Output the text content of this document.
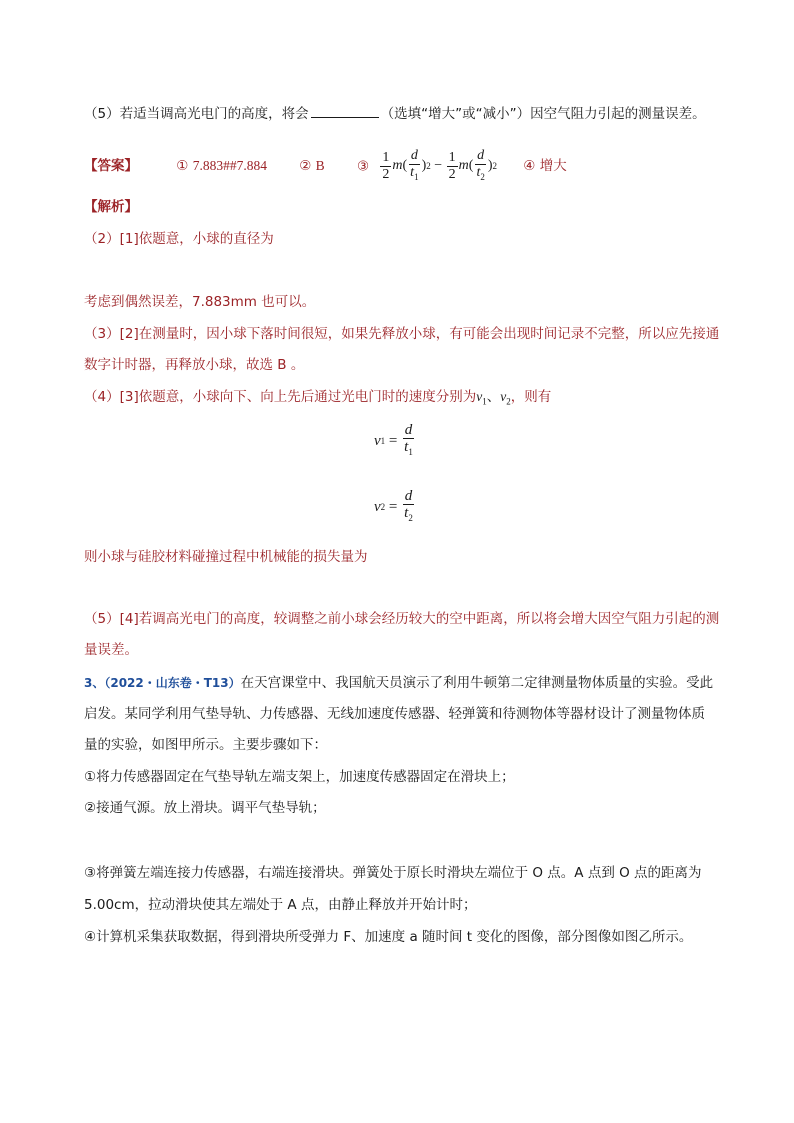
（5）若适当调高光电门的高度，将会	（选填“增大”或“减小”）因空气阻力引起的测量误差。
【答案】	① 7.883##7.884 ② B ③ $\frac{1}{2}$ m ( $\frac{d}{t_1}$ ) $2 - \frac{1}{2}$ m ( $\frac{d}{t_2}$ ) 2 ④ 增大
【解析】
（2）[1]依题意，小球的直径为
考虑到偶然误差，7.883mm 也可以。
（3）[2]在测量时，因小球下落时间很短，如果先释放小球，有可能会出现时间记录不完整，所以应先接通
数字计时器，再释放小球，故选 B 。
（4）[3]依题意，小球向下、向上先后通过光电门时的速度分别为$v_1$、$v_2$，则有
v $1 = \frac{d}{t_1}$
v $2 = \frac{d}{t_2}$
则小球与硅胶材料碰撞过程中机械能的损失量为
（5）[4]若调高光电门的高度，较调整之前小球会经历较大的空中距离，所以将会增大因空气阻力引起的测
量误差。
3、（2022・山东卷・T13）在天宫课堂中、我国航天员演示了利用牛顿第二定律测量物体质量的实验。受此
启发。某同学利用气垫导轨、力传感器、无线加速度传感器、轻弹簧和待测物体等器材设计了测量物体质
量的实验，如图甲所示。主要步骤如下：
①将力传感器固定在气垫导轨左端支架上，加速度传感器固定在滑块上；
②接通气源。放上滑块。调平气垫导轨；
③将弹簧左端连接力传感器，右端连接滑块。弹簧处于原长时滑块左端位于 O 点。A 点到 O 点的距离为
5.00cm，拉动滑块使其左端处于 A 点，由静止释放并开始计时；
④计算机采集获取数据，得到滑块所受弹力 F、加速度 a 随时间 t 变化的图像，部分图像如图乙所示。
